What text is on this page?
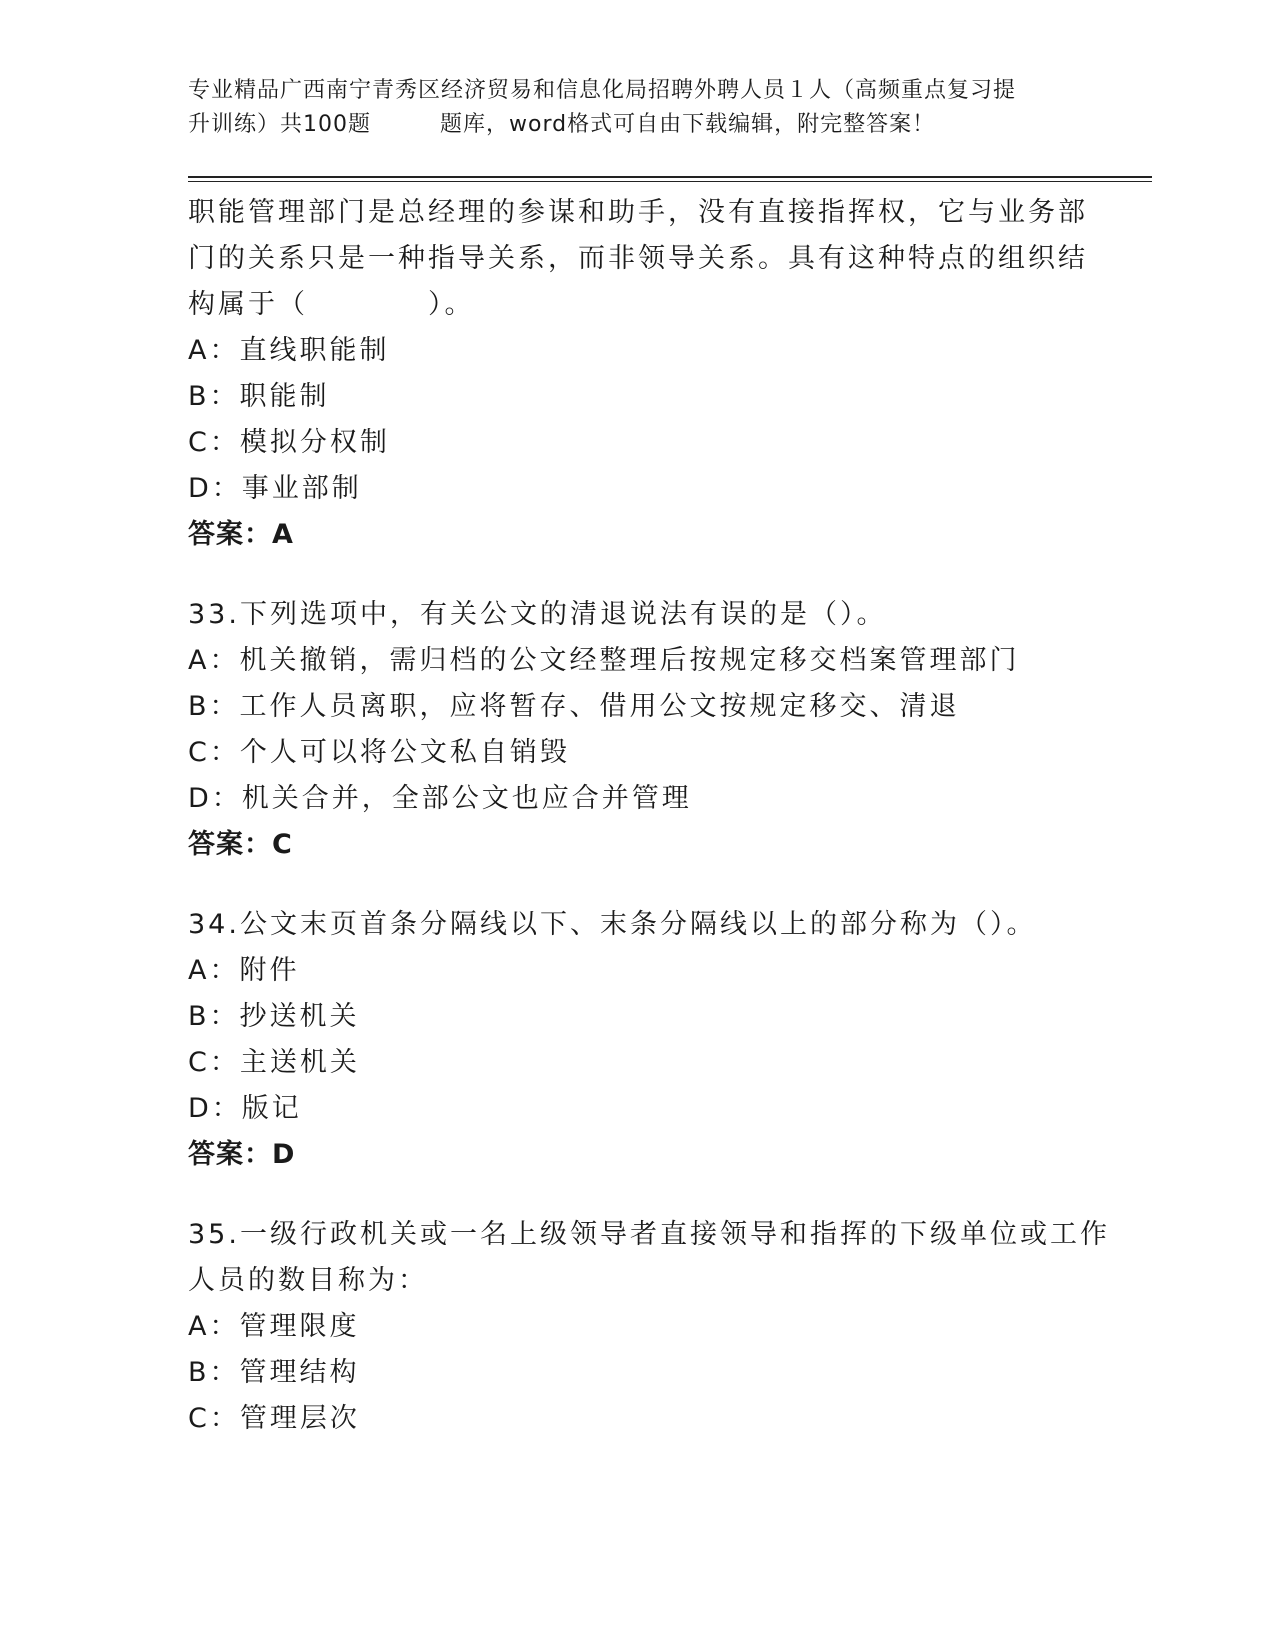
专业精品广西南宁青秀区经济贸易和信息化局招聘外聘人员１人（高频重点复习提
升训练）共100题　　　题库，word格式可自由下载编辑，附完整答案！

职能管理部门是总经理的参谋和助手，没有直接指挥权，它与业务部

门的关系只是一种指导关系，而非领导关系。具有这种特点的组织结

构属于（　　　　）。

A：直线职能制

B：职能制

C：模拟分权制

D：事业部制

答案：A

33.下列选项中，有关公文的清退说法有误的是（）。

A：机关撤销，需归档的公文经整理后按规定移交档案管理部门

B：工作人员离职，应将暂存、借用公文按规定移交、清退

C：个人可以将公文私自销毁

D：机关合并，全部公文也应合并管理

答案：C

34.公文末页首条分隔线以下、末条分隔线以上的部分称为（）。

A：附件

B：抄送机关

C：主送机关

D：版记

答案：D

35.一级行政机关或一名上级领导者直接领导和指挥的下级单位或工作

人员的数目称为：

A：管理限度

B：管理结构

C：管理层次
